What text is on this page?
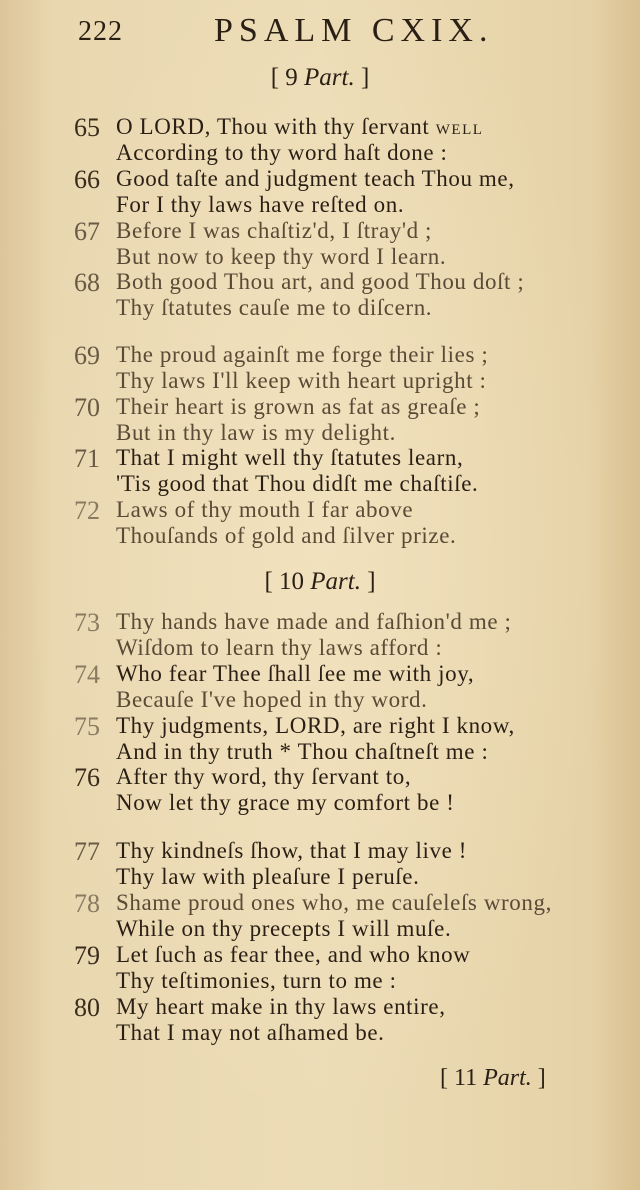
222	PSALM CXIX.
[ 9 Part. ]
65 O LORD, Thou with thy ſervant WELL
According to thy word haſt done :
66 Good taſte and judgment teach Thou me,
For I thy laws have reſted on.
67 Before I was chaſtiz'd, I ſtray'd ;
But now to keep thy word I learn.
68 Both good Thou art, and good Thou doſt ;
Thy ſtatutes cauſe me to diſcern.
69 The proud againſt me forge their lies ;
Thy laws I'll keep with heart upright :
70 Their heart is grown as fat as greaſe ;
But in thy law is my delight.
71 That I might well thy ſtatutes learn,
'Tis good that Thou didſt me chaſtiſe.
72 Laws of thy mouth I far above
Thouſands of gold and ſilver prize.
[ 10 Part. ]
73 Thy hands have made and faſhion'd me ;
Wiſdom to learn thy laws afford :
74 Who fear Thee ſhall ſee me with joy,
Becauſe I've hoped in thy word.
75 Thy judgments, LORD, are right I know,
And in thy truth * Thou chaſtneſt me :
76 After thy word, thy ſervant to,
Now let thy grace my comfort be !
77 Thy kindneſs ſhow, that I may live !
Thy law with pleaſure I peruſe.
78 Shame proud ones who, me cauſeleſs wrong,
While on thy precepts I will muſe.
79 Let ſuch as fear thee, and who know
Thy teſtimonies, turn to me :
80 My heart make in thy laws entire,
That I may not aſhamed be.
[ 11 Part. ]
